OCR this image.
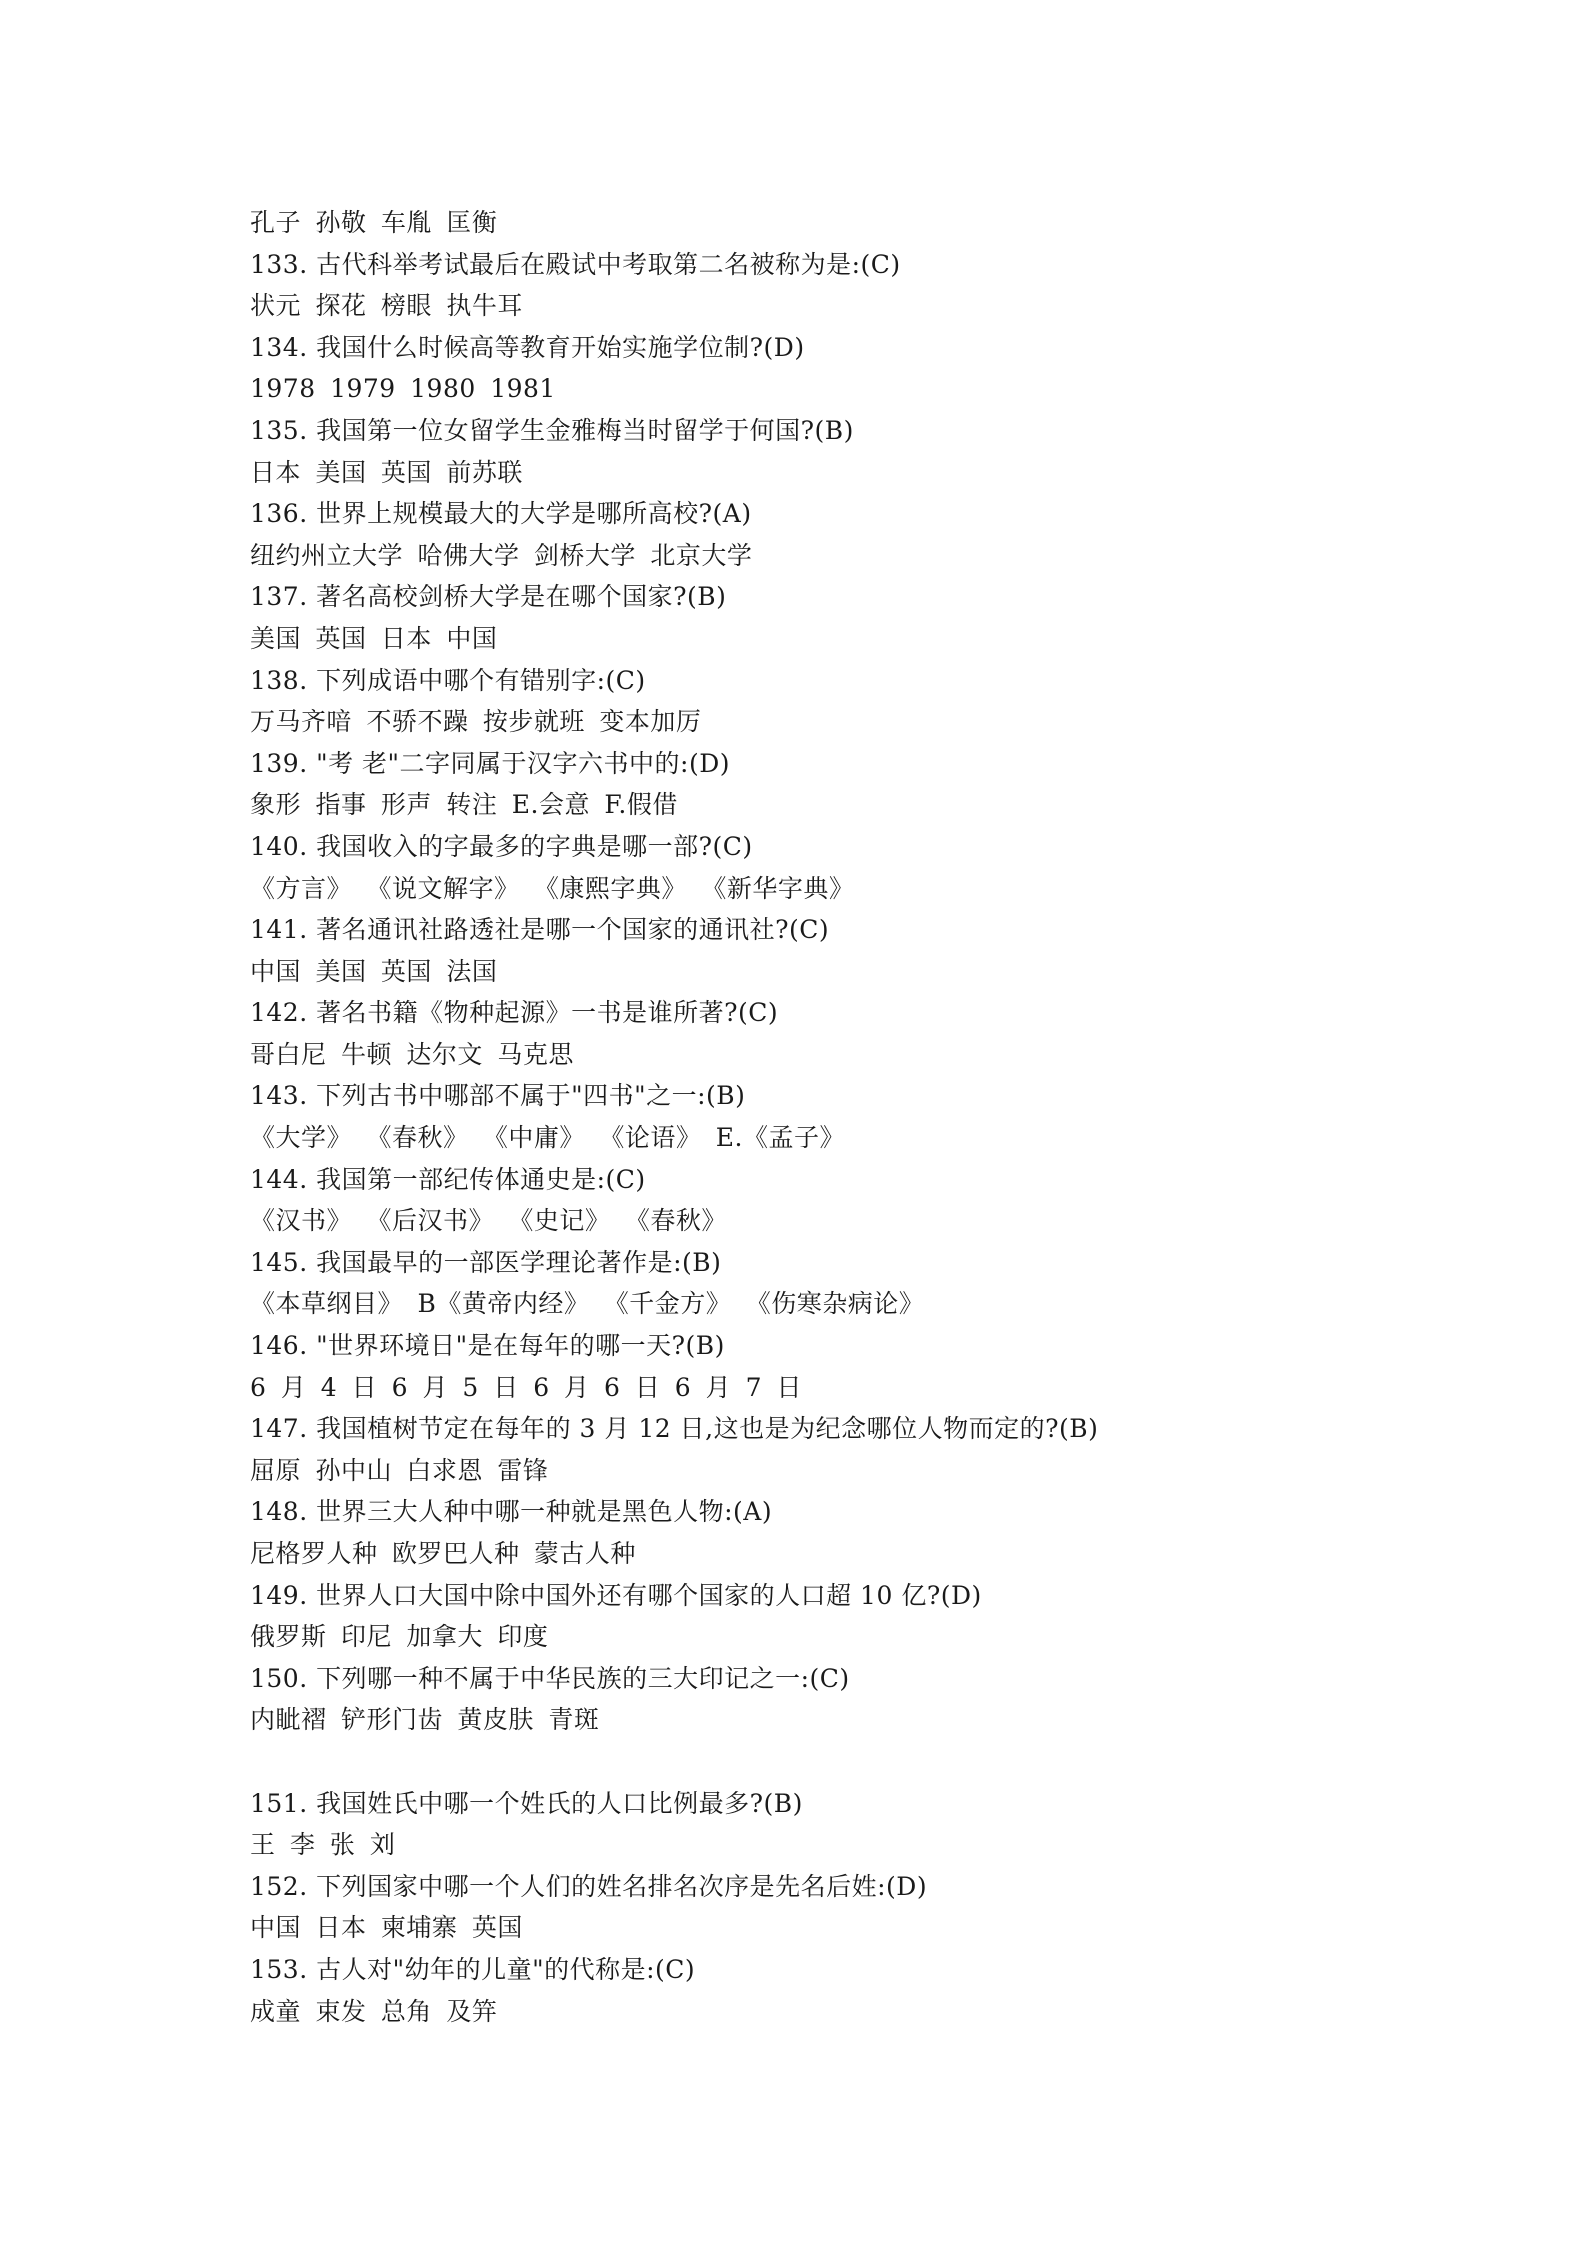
孔子 孙敬 车胤 匡衡
133. 古代科举考试最后在殿试中考取第二名被称为是:(C)
状元 探花 榜眼 执牛耳
134. 我国什么时候高等教育开始实施学位制?(D)
1978 1979 1980 1981
135. 我国第一位女留学生金雅梅当时留学于何国?(B)
日本 美国 英国 前苏联
136. 世界上规模最大的大学是哪所高校?(A)
纽约州立大学 哈佛大学 剑桥大学 北京大学
137. 著名高校剑桥大学是在哪个国家?(B)
美国 英国 日本 中国
138. 下列成语中哪个有错别字:(C)
万马齐喑 不骄不躁 按步就班 变本加厉
139. "考 老"二字同属于汉字六书中的:(D)
象形 指事 形声 转注 E.会意 F.假借
140. 我国收入的字最多的字典是哪一部?(C)
《方言》 《说文解字》 《康熙字典》 《新华字典》
141. 著名通讯社路透社是哪一个国家的通讯社?(C)
中国 美国 英国 法国
142. 著名书籍《物种起源》一书是谁所著?(C)
哥白尼 牛顿 达尔文 马克思
143. 下列古书中哪部不属于"四书"之一:(B)
《大学》 《春秋》 《中庸》 《论语》 E.《孟子》
144. 我国第一部纪传体通史是:(C)
《汉书》 《后汉书》 《史记》 《春秋》
145. 我国最早的一部医学理论著作是:(B)
《本草纲目》 B《黄帝内经》 《千金方》 《伤寒杂病论》
146. "世界环境日"是在每年的哪一天?(B)
6 月 4 日 6 月 5 日 6 月 6 日 6 月 7 日
147. 我国植树节定在每年的 3 月 12 日,这也是为纪念哪位人物而定的?(B)
屈原 孙中山 白求恩 雷锋
148. 世界三大人种中哪一种就是黑色人物:(A)
尼格罗人种 欧罗巴人种 蒙古人种
149. 世界人口大国中除中国外还有哪个国家的人口超 10 亿?(D)
俄罗斯 印尼 加拿大 印度
150. 下列哪一种不属于中华民族的三大印记之一:(C)
内眦褶 铲形门齿 黄皮肤 青斑
151. 我国姓氏中哪一个姓氏的人口比例最多?(B)
王 李 张 刘
152. 下列国家中哪一个人们的姓名排名次序是先名后姓:(D)
中国 日本 柬埔寨 英国
153. 古人对"幼年的儿童"的代称是:(C)
成童 束发 总角 及笄
